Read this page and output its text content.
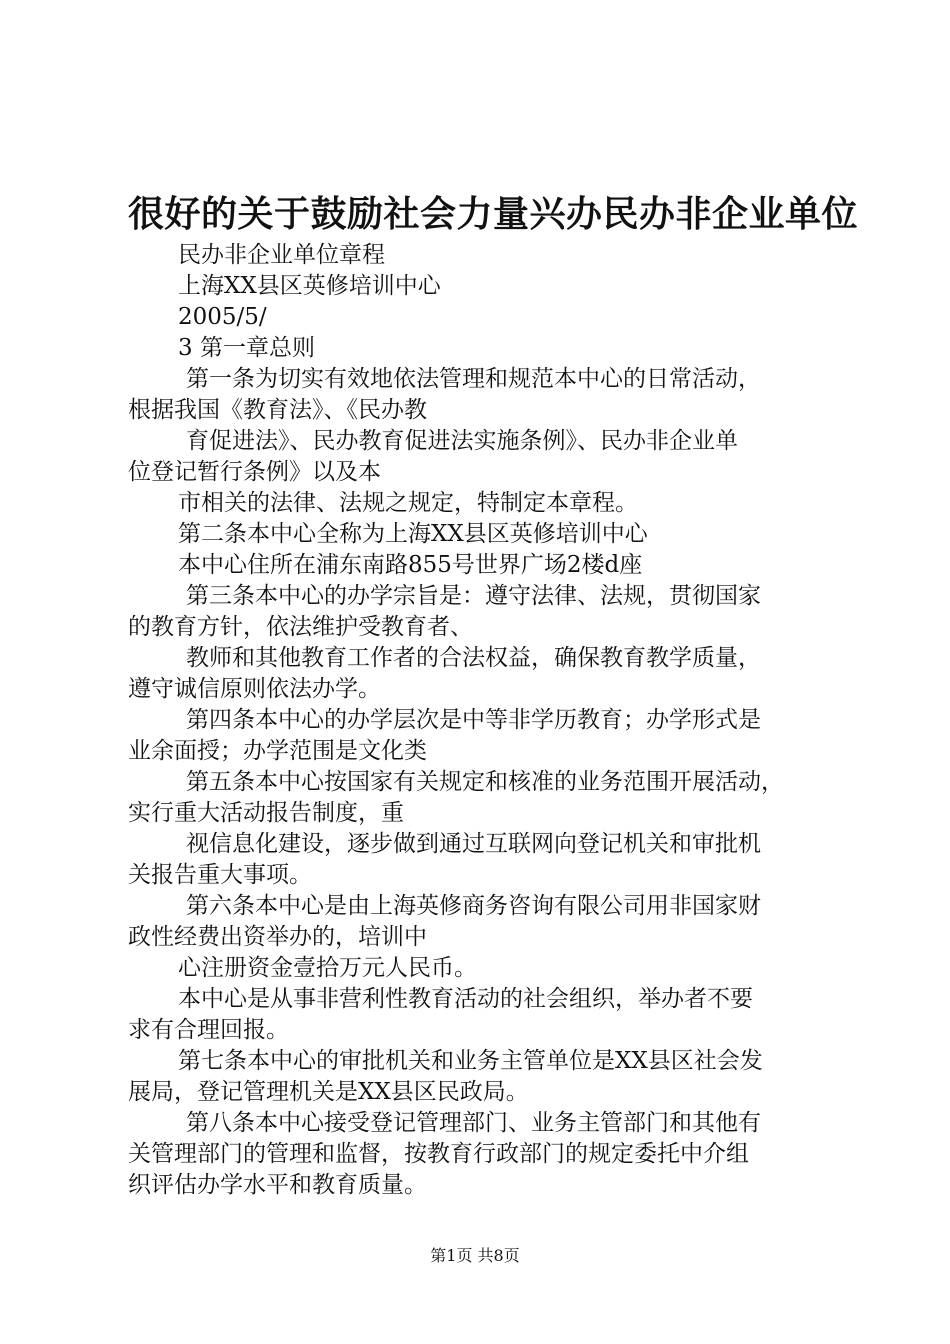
很好的关于鼓励社会力量兴办民办非企业单位

民办非企业单位章程

上海XX县区英修培训中心

2005/5/

3 第一章总则

第一条为切实有效地依法管理和规范本中心的日常活动，

根据我国《教育法》、《民办教

育促进法》、民办教育促进法实施条例》、民办非企业单

位登记暂行条例》以及本

市相关的法律、法规之规定，特制定本章程。

第二条本中心全称为上海XX县区英修培训中心

本中心住所在浦东南路855号世界广场2楼d座

第三条本中心的办学宗旨是：遵守法律、法规，贯彻国家

的教育方针，依法维护受教育者、

教师和其他教育工作者的合法权益，确保教育教学质量，

遵守诚信原则依法办学。

第四条本中心的办学层次是中等非学历教育；办学形式是

业余面授；办学范围是文化类

第五条本中心按国家有关规定和核准的业务范围开展活动，

实行重大活动报告制度，重

视信息化建设，逐步做到通过互联网向登记机关和审批机

关报告重大事项。

第六条本中心是由上海英修商务咨询有限公司用非国家财

政性经费出资举办的，培训中

心注册资金壹拾万元人民币。

本中心是从事非营利性教育活动的社会组织，举办者不要

求有合理回报。

第七条本中心的审批机关和业务主管单位是XX县区社会发

展局，登记管理机关是XX县区民政局。

第八条本中心接受登记管理部门、业务主管部门和其他有

关管理部门的管理和监督，按教育行政部门的规定委托中介组

织评估办学水平和教育质量。

第1页 共8页
